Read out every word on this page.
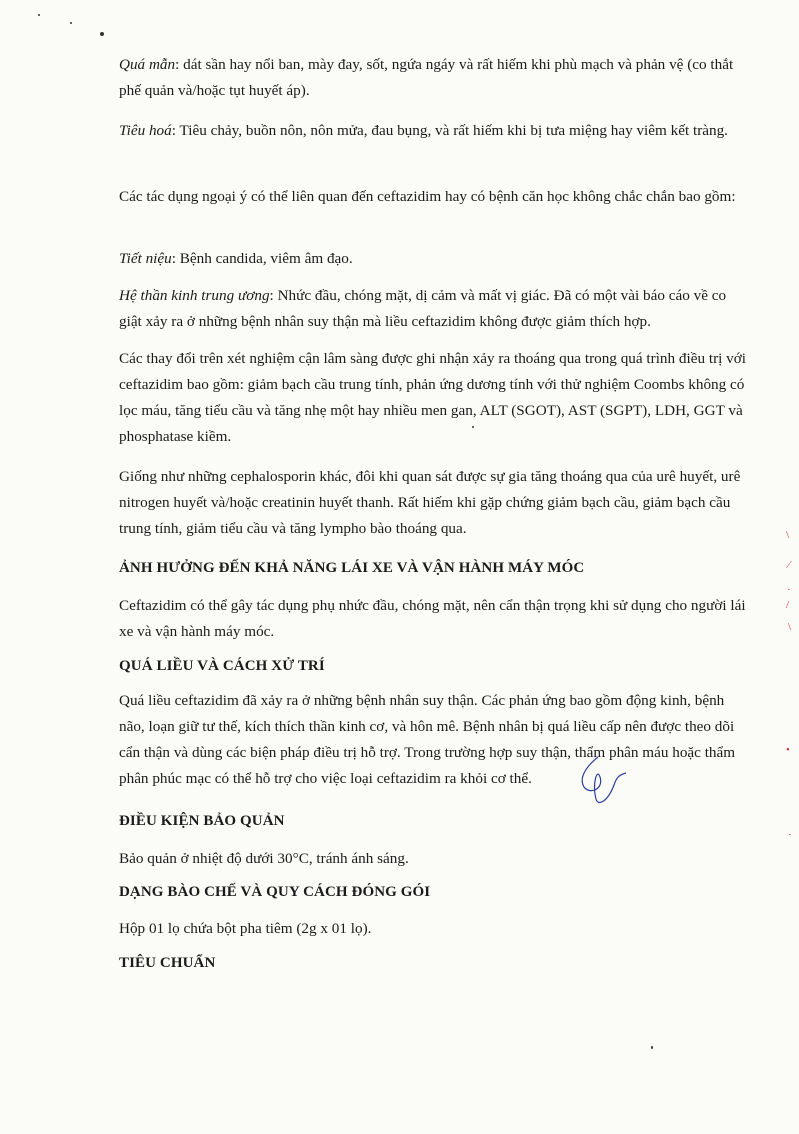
\
⁄
·
/
\
•
·

Quá mẫn: dát sần hay nổi ban, mày đay, sốt, ngứa ngáy và rất hiếm khi phù mạch và phản vệ (co thắt phế quản và/hoặc tụt huyết áp).

Tiêu hoá: Tiêu chảy, buồn nôn, nôn mửa, đau bụng, và rất hiếm khi bị tưa miệng hay viêm kết tràng.

Các tác dụng ngoại ý có thể liên quan đến ceftazidim hay có bệnh căn học không chắc chắn bao gồm:

Tiết niệu: Bệnh candida, viêm âm đạo.

Hệ thần kinh trung ương: Nhức đầu, chóng mặt, dị cảm và mất vị giác. Đã có một vài báo cáo về co giật xảy ra ở những bệnh nhân suy thận mà liều ceftazidim không được giảm thích hợp.

Các thay đổi trên xét nghiệm cận lâm sàng được ghi nhận xảy ra thoáng qua trong quá trình điều trị với ceftazidim bao gồm: giảm bạch cầu trung tính, phản ứng dương tính với thử nghiệm Coombs không có lọc máu, tăng tiểu cầu và tăng nhẹ một hay nhiều men gan, ALT (SGOT), AST (SGPT), LDH, GGT và phosphatase kiềm.

Giống như những cephalosporin khác, đôi khi quan sát được sự gia tăng thoáng qua của urê huyết, urê nitrogen huyết và/hoặc creatinin huyết thanh. Rất hiếm khi gặp chứng giảm bạch cầu, giảm bạch cầu trung tính, giảm tiểu cầu và tăng lympho bào thoáng qua.

ẢNH HƯỞNG ĐẾN KHẢ NĂNG LÁI XE VÀ VẬN HÀNH MÁY MÓC

Ceftazidim có thể gây tác dụng phụ nhức đầu, chóng mặt, nên cẩn thận trọng khi sử dụng cho người lái xe và vận hành máy móc.

QUÁ LIỀU VÀ CÁCH XỬ TRÍ

Quá liều ceftazidim đã xảy ra ở những bệnh nhân suy thận. Các phản ứng bao gồm động kinh, bệnh não, loạn giữ tư thế, kích thích thần kinh cơ, và hôn mê. Bệnh nhân bị quá liều cấp nên được theo dõi cẩn thận và dùng các biện pháp điều trị hỗ trợ. Trong trường hợp suy thận, thẩm phân máu hoặc thẩm phân phúc mạc có thể hỗ trợ cho việc loại ceftazidim ra khỏi cơ thể.

ĐIỀU KIỆN BẢO QUẢN

Bảo quản ở nhiệt độ dưới 30°C, tránh ánh sáng.

DẠNG BÀO CHẾ VÀ QUY CÁCH ĐÓNG GÓI

Hộp 01 lọ chứa bột pha tiêm (2g x 01 lọ).

TIÊU CHUẨN
